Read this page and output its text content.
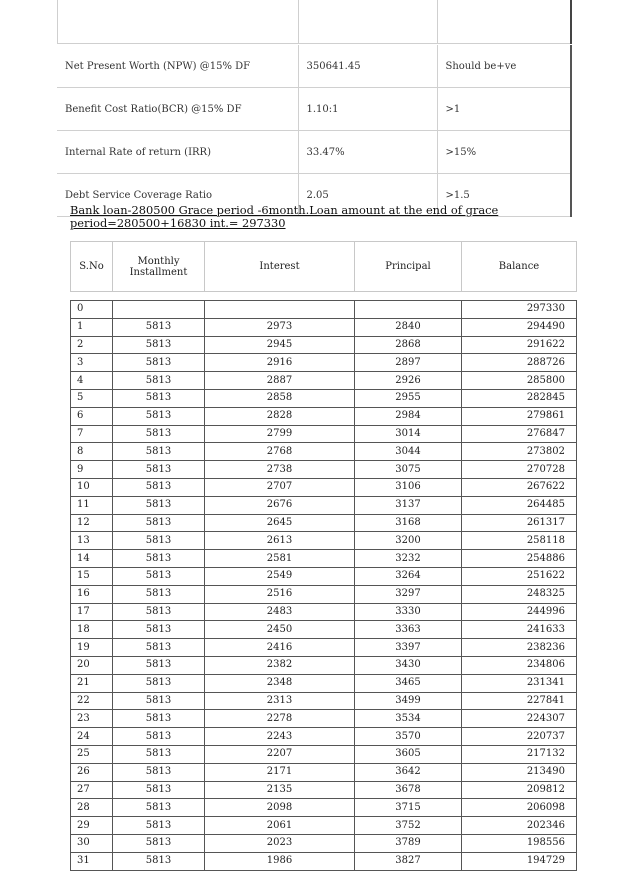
Net Present Worth (NPW) @15% DF	350641.45	Should be+ve
Benefit Cost Ratio(BCR) @15% DF	1.10:1	>1
Internal Rate of return (IRR)	33.47%	>15%
Debt Service Coverage Ratio	2.05	>1.5

Bank loan-280500 Grace period -6month.Loan amount at the end of grace period=280500+16830 int.= 297330

S.No	Monthly Installment	Interest	Principal	Balance

0				297330
1	5813	2973	2840	294490
2	5813	2945	2868	291622
3	5813	2916	2897	288726
4	5813	2887	2926	285800
5	5813	2858	2955	282845
6	5813	2828	2984	279861
7	5813	2799	3014	276847
8	5813	2768	3044	273802
9	5813	2738	3075	270728
10	5813	2707	3106	267622
11	5813	2676	3137	264485
12	5813	2645	3168	261317
13	5813	2613	3200	258118
14	5813	2581	3232	254886
15	5813	2549	3264	251622
16	5813	2516	3297	248325
17	5813	2483	3330	244996
18	5813	2450	3363	241633
19	5813	2416	3397	238236
20	5813	2382	3430	234806
21	5813	2348	3465	231341
22	5813	2313	3499	227841
23	5813	2278	3534	224307
24	5813	2243	3570	220737
25	5813	2207	3605	217132
26	5813	2171	3642	213490
27	5813	2135	3678	209812
28	5813	2098	3715	206098
29	5813	2061	3752	202346
30	5813	2023	3789	198556
31	5813	1986	3827	194729
